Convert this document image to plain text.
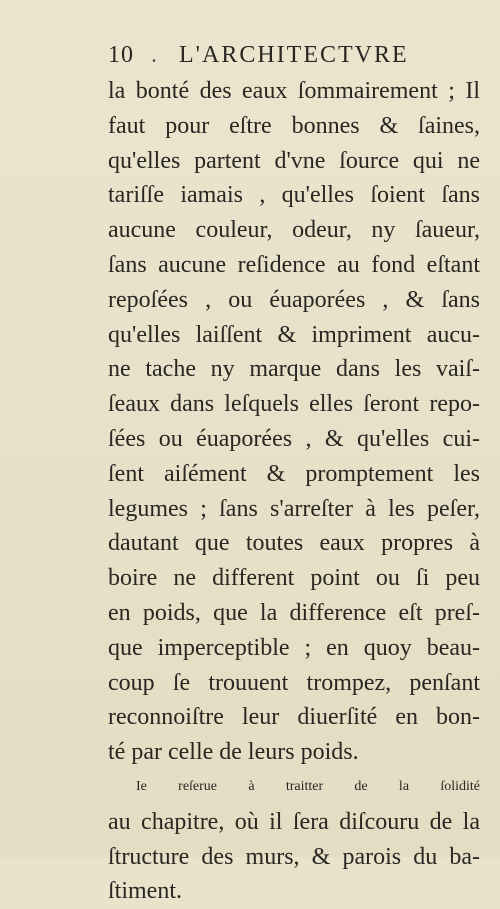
10 . L'ARCHITECTVRE
la bonté des eaux ſommairement ; Il
faut pour eſtre bonnes & ſaines,
qu'elles partent d'vne ſource qui ne
tariſſe iamais , qu'elles ſoient ſans
aucune couleur, odeur, ny ſaueur,
ſans aucune reſidence au fond eſtant
repoſées , ou éuaporées , & ſans
qu'elles laiſſent & impriment aucu-
ne tache ny marque dans les vaiſ-
ſeaux dans leſquels elles ſeront repo-
ſées ou éuaporées , & qu'elles cui-
ſent aiſément & promptement les
legumes ; ſans s'arreſter à les peſer,
dautant que toutes eaux propres à
boire ne different point ou ſi peu
en poids, que la difference eſt preſ-
que imperceptible ; en quoy beau-
coup ſe trouuent trompez, penſant
reconnoiſtre leur diuerſité en bon-
té par celle de leurs poids.
Ie reſerue à traitter de la ſolidité
au chapitre, où il ſera diſcouru de la
ſtructure des murs, & parois du ba-
ſtiment.
